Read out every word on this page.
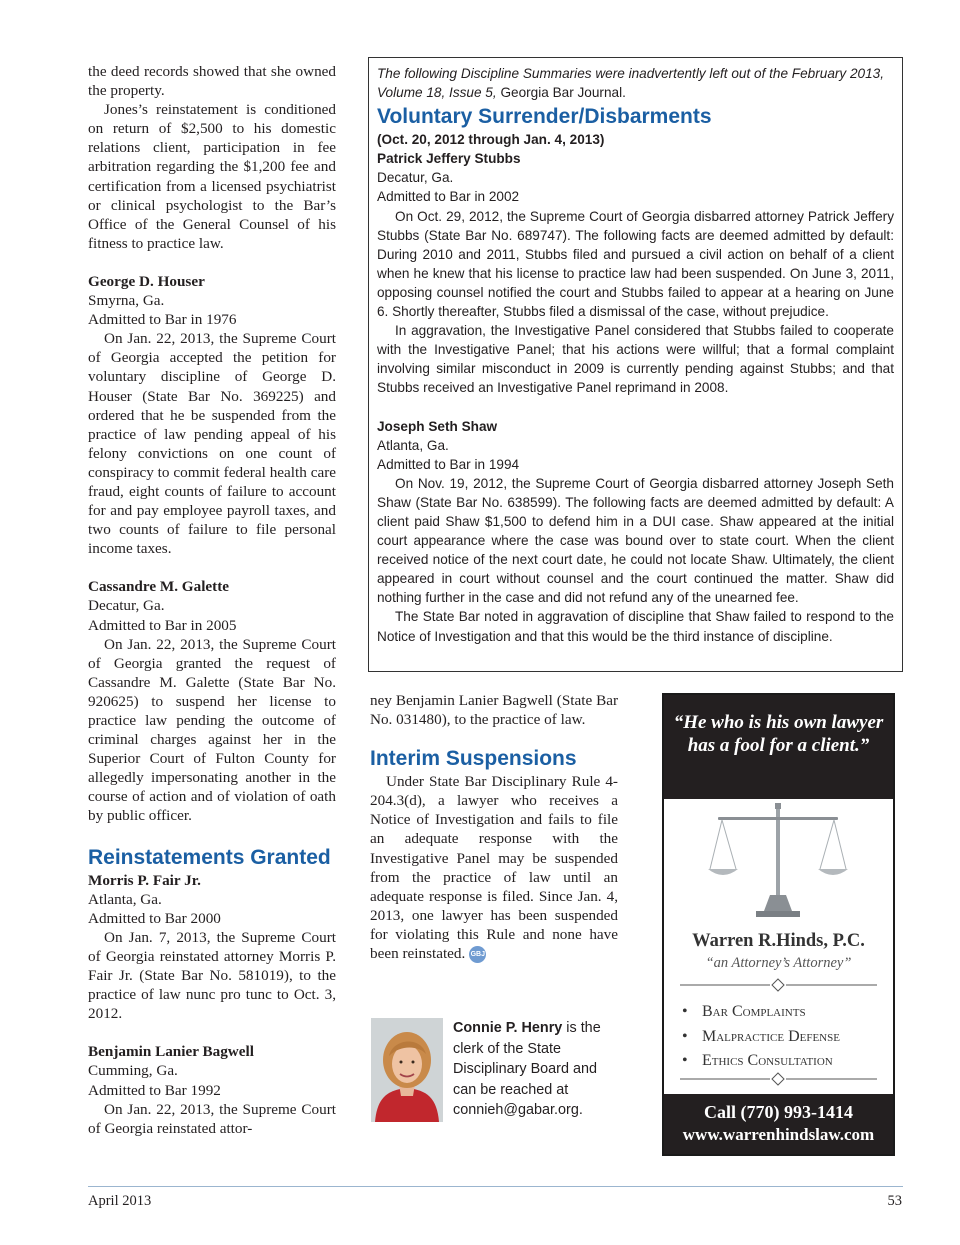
the deed records showed that she owned the property.

Jones’s reinstatement is conditioned on return of $2,500 to his domestic relations client, participation in fee arbitration regarding the $1,200 fee and certification from a licensed psychiatrist or clinical psychologist to the Bar’s Office of the General Counsel of his fitness to practice law.

George D. Houser

Smyrna, Ga.

Admitted to Bar in 1976

On Jan. 22, 2013, the Supreme Court of Georgia accepted the petition for voluntary discipline of George D. Houser (State Bar No. 369225) and ordered that he be suspended from the practice of law pending appeal of his felony convictions on one count of conspiracy to commit federal health care fraud, eight counts of failure to account for and pay employee payroll taxes, and two counts of failure to file personal income taxes.

Cassandre M. Galette

Decatur, Ga.

Admitted to Bar in 2005

On Jan. 22, 2013, the Supreme Court of Georgia granted the request of Cassandre M. Galette (State Bar No. 920625) to suspend her license to practice law pending the outcome of criminal charges against her in the Superior Court of Fulton County for allegedly impersonating another in the course of action and of violation of oath by public officer.

Reinstatements Granted

Morris P. Fair Jr.

Atlanta, Ga.

Admitted to Bar 2000

On Jan. 7, 2013, the Supreme Court of Georgia reinstated attorney Morris P. Fair Jr. (State Bar No. 581019), to the practice of law nunc pro tunc to Oct. 3, 2012.

Benjamin Lanier Bagwell

Cumming, Ga.

Admitted to Bar 1992

On Jan. 22, 2013, the Supreme Court of Georgia reinstated attor-

The following Discipline Summaries were inadvertently left out of the February 2013, Volume 18, Issue 5, Georgia Bar Journal.

Voluntary Surrender/Disbarments

(Oct. 20, 2012 through Jan. 4, 2013)

Patrick Jeffery Stubbs

Decatur, Ga.

Admitted to Bar in 2002

On Oct. 29, 2012, the Supreme Court of Georgia disbarred attorney Patrick Jeffery Stubbs (State Bar No. 689747). The following facts are deemed admitted by default: During 2010 and 2011, Stubbs filed and pursued a civil action on behalf of a client when he knew that his license to practice law had been suspended. On June 3, 2011, opposing counsel notified the court and Stubbs failed to appear at a hearing on June 6. Shortly thereafter, Stubbs filed a dismissal of the case, without prejudice.

In aggravation, the Investigative Panel considered that Stubbs failed to cooperate with the Investigative Panel; that his actions were willful; that a formal complaint involving similar misconduct in 2009 is currently pending against Stubbs; and that Stubbs received an Investigative Panel reprimand in 2008.

Joseph Seth Shaw

Atlanta, Ga.

Admitted to Bar in 1994

On Nov. 19, 2012, the Supreme Court of Georgia disbarred attorney Joseph Seth Shaw (State Bar No. 638599). The following facts are deemed admitted by default: A client paid Shaw $1,500 to defend him in a DUI case. Shaw appeared at the initial court appearance where the case was bound over to state court. When the client received notice of the next court date, he could not locate Shaw. Ultimately, the client appeared in court without counsel and the court continued the matter. Shaw did nothing further in the case and did not refund any of the unearned fee.

The State Bar noted in aggravation of discipline that Shaw failed to respond to the Notice of Investigation and that this would be the third instance of discipline.

ney Benjamin Lanier Bagwell (State Bar No. 031480), to the practice of law.

Interim Suspensions

Under State Bar Disciplinary Rule 4-204.3(d), a lawyer who receives a Notice of Investigation and fails to file an adequate response with the Investigative Panel may be suspended from the practice of law until an adequate response is filed. Since Jan. 4, 2013, one lawyer has been suspended for violating this Rule and none have been reinstated. GBJ

Connie P. Henry is the clerk of the State Disciplinary Board and can be reached at connieh@gabar.org.

“He who is his own lawyer has a fool for a client.”
Warren R.Hinds, P.C.
“an Attorney’s Attorney”
• Bar Complaints
• Malpractice Defense
• Ethics Consultation
Call (770) 993-1414
www.warrenhindslaw.com
April 2013	53
